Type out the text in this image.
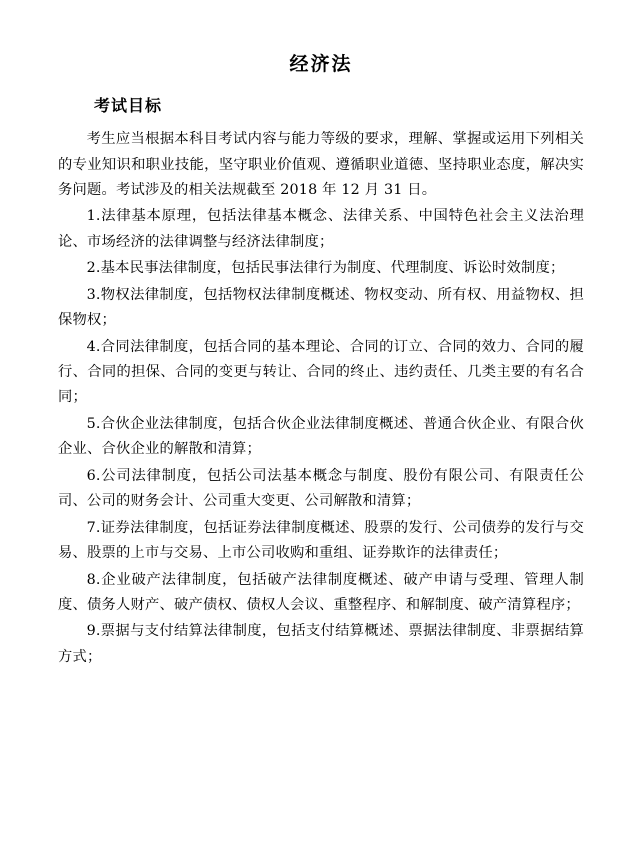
经济法
考试目标

考生应当根据本科目考试内容与能力等级的要求，理解、掌握或运用下列相关的专业知识和职业技能，坚守职业价值观、遵循职业道德、坚持职业态度，解决实务问题。考试涉及的相关法规截至 2018 年 12 月 31 日。

1.法律基本原理，包括法律基本概念、法律关系、中国特色社会主义法治理论、市场经济的法律调整与经济法律制度；

2.基本民事法律制度，包括民事法律行为制度、代理制度、诉讼时效制度；

3.物权法律制度，包括物权法律制度概述、物权变动、所有权、用益物权、担保物权；

4.合同法律制度，包括合同的基本理论、合同的订立、合同的效力、合同的履行、合同的担保、合同的变更与转让、合同的终止、违约责任、几类主要的有名合同；

5.合伙企业法律制度，包括合伙企业法律制度概述、普通合伙企业、有限合伙企业、合伙企业的解散和清算；

6.公司法律制度，包括公司法基本概念与制度、股份有限公司、有限责任公司、公司的财务会计、公司重大变更、公司解散和清算；

7.证券法律制度，包括证券法律制度概述、股票的发行、公司债券的发行与交易、股票的上市与交易、上市公司收购和重组、证券欺诈的法律责任；

8.企业破产法律制度，包括破产法律制度概述、破产申请与受理、管理人制度、债务人财产、破产债权、债权人会议、重整程序、和解制度、破产清算程序；

9.票据与支付结算法律制度，包括支付结算概述、票据法律制度、非票据结算方式；
